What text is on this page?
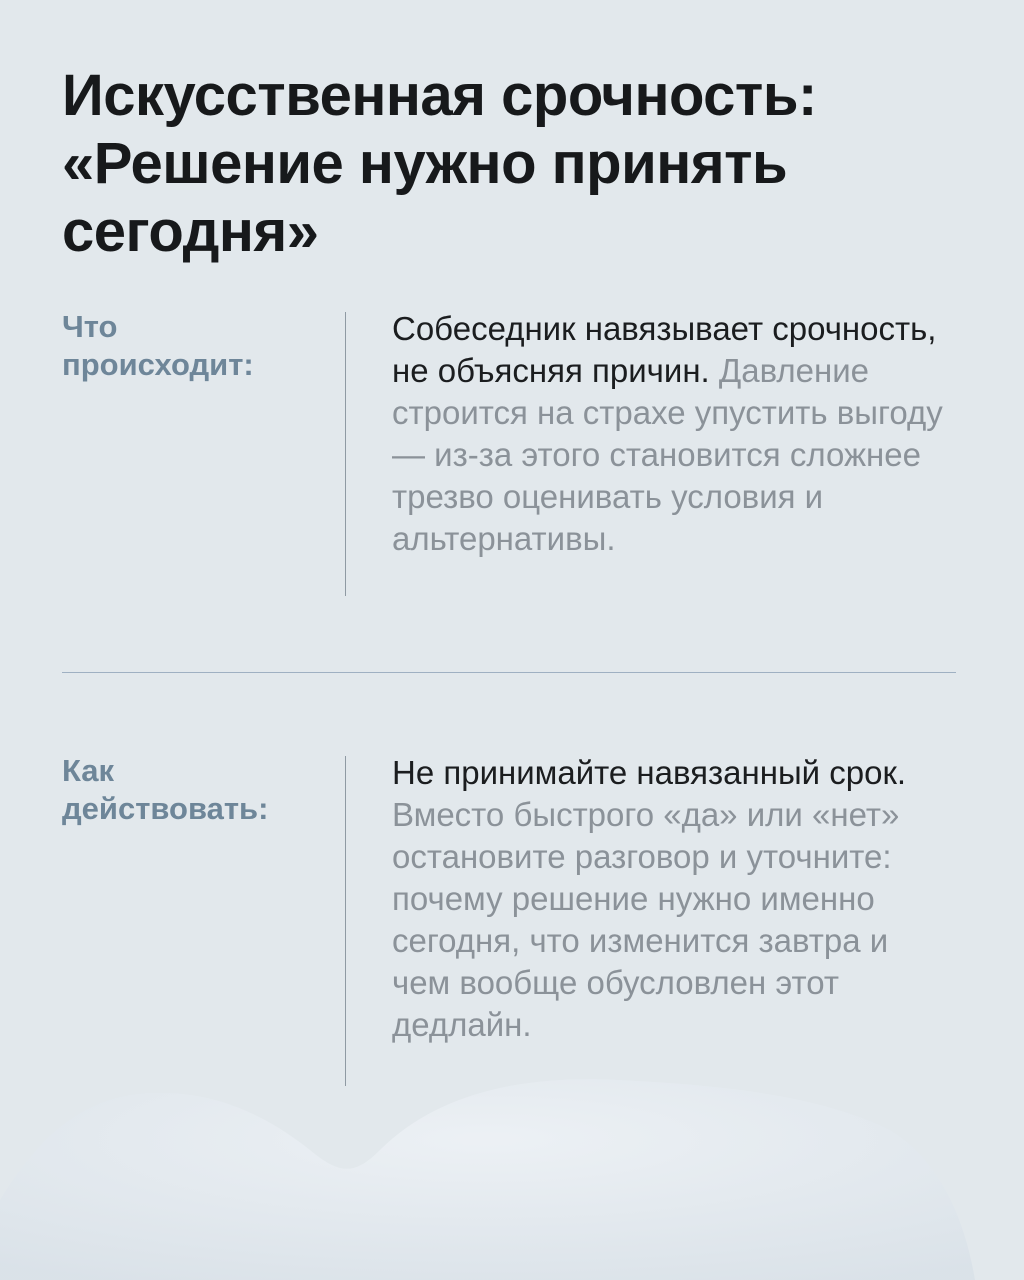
Искусственная срочность:
«Решение нужно принять
сегодня»
Что
происходит:
Собеседник навязывает срочность, не объясняя причин. Давление строится на страхе упустить выгоду — из-за этого становится сложнее трезво оценивать условия и альтернативы.
Как
действовать:
Не принимайте навязанный срок. Вместо быстрого «да» или «нет» остановите разговор и уточните: почему решение нужно именно сегодня, что изменится завтра и чем вообще обусловлен этот дедлайн.
